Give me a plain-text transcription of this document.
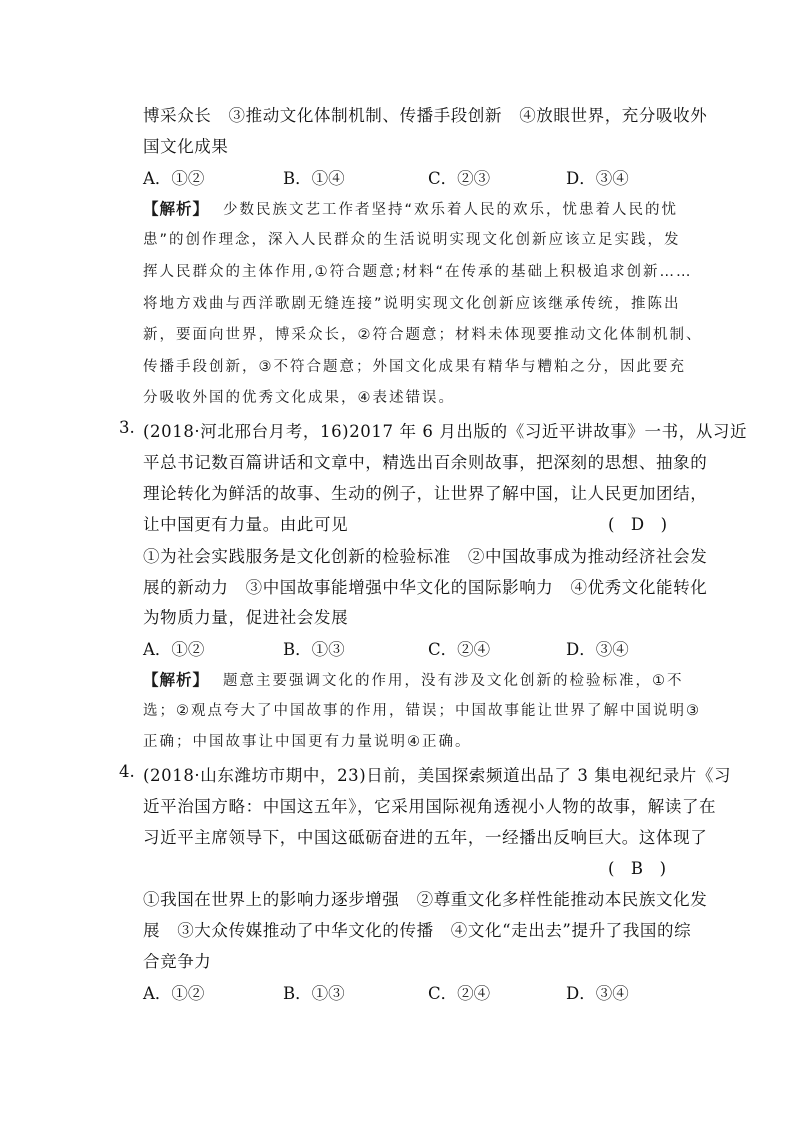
博采众长　③推动文化体制机制、传播手段创新　④放眼世界，充分吸收外
国文化成果
A．①②	B．①④	C．②③	D．③④
【解析】 少数民族文艺工作者坚持“欢乐着人民的欢乐，忧患着人民的忧
患”的创作理念，深入人民群众的生活说明实现文化创新应该立足实践，发
挥人民群众的主体作用,①符合题意;材料“在传承的基础上积极追求创新……
将地方戏曲与西洋歌剧无缝连接”说明实现文化创新应该继承传统，推陈出
新，要面向世界，博采众长，②符合题意；材料未体现要推动文化体制机制、
传播手段创新，③不符合题意；外国文化成果有精华与糟粕之分，因此要充
分吸收外国的优秀文化成果，④表述错误。
3. (2018·河北邢台月考，16)2017 年 6 月出版的《习近平讲故事》一书，从习近
平总书记数百篇讲话和文章中，精选出百余则故事，把深刻的思想、抽象的
理论转化为鲜活的故事、生动的例子，让世界了解中国，让人民更加团结，
让中国更有力量。由此可见	(　D　)
①为社会实践服务是文化创新的检验标准　②中国故事成为推动经济社会发
展的新动力　③中国故事能增强中华文化的国际影响力　④优秀文化能转化
为物质力量，促进社会发展
A．①②	B．①③	C．②④	D．③④
【解析】 题意主要强调文化的作用，没有涉及文化创新的检验标准，①不
选；②观点夸大了中国故事的作用，错误；中国故事能让世界了解中国说明③
正确；中国故事让中国更有力量说明④正确。
4. (2018·山东潍坊市期中，23)日前，美国探索频道出品了 3 集电视纪录片《习
近平治国方略：中国这五年》，它采用国际视角透视小人物的故事，解读了在
习近平主席领导下，中国这砥砺奋进的五年，一经播出反响巨大。这体现了
(　B　)
①我国在世界上的影响力逐步增强　②尊重文化多样性能推动本民族文化发
展　③大众传媒推动了中华文化的传播　④文化“走出去”提升了我国的综
合竞争力
A．①②	B．①③	C．②④	D．③④
